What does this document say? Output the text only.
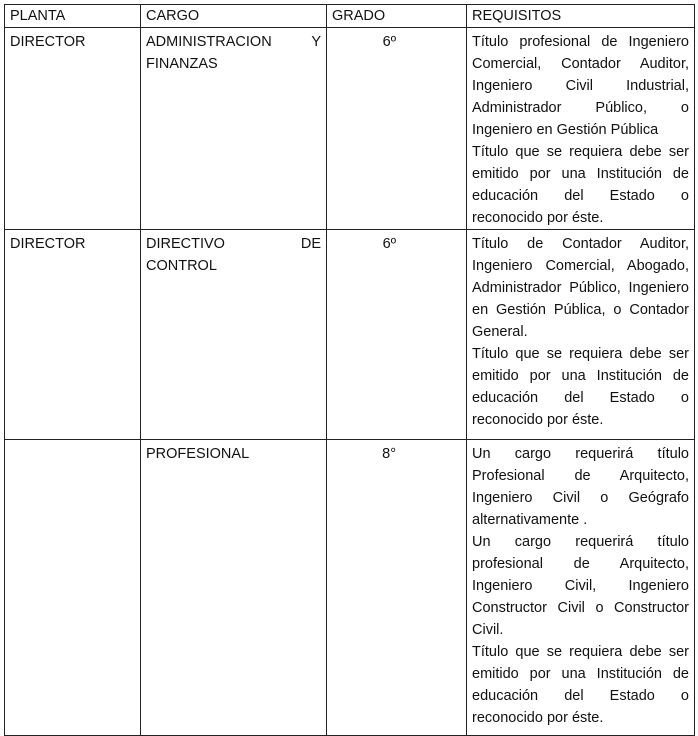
PLANTA	CARGO	GRADO	REQUISITOS
DIRECTOR	ADMINISTRACION Y FINANZAS	6º	Título profesional de Ingeniero Comercial, Contador Auditor, Ingeniero Civil Industrial, Administrador Público, o Ingeniero en Gestión Pública

Título que se requiera debe ser emitido por una Institución de educación del Estado o reconocido por éste.

DIRECTOR	DIRECTIVO DE CONTROL	6º	Título de Contador Auditor, Ingeniero Comercial, Abogado, Administrador Público, Ingeniero en Gestión Pública, o Contador General.

Título que se requiera debe ser emitido por una Institución de educación del Estado o reconocido por éste.

	PROFESIONAL	8°	Un cargo requerirá título Profesional de Arquitecto, Ingeniero Civil o Geógrafo alternativamente .

Un cargo requerirá título profesional de Arquitecto, Ingeniero Civil, Ingeniero Constructor Civil o Constructor Civil.

Título que se requiera debe ser emitido por una Institución de educación del Estado o reconocido por éste.
